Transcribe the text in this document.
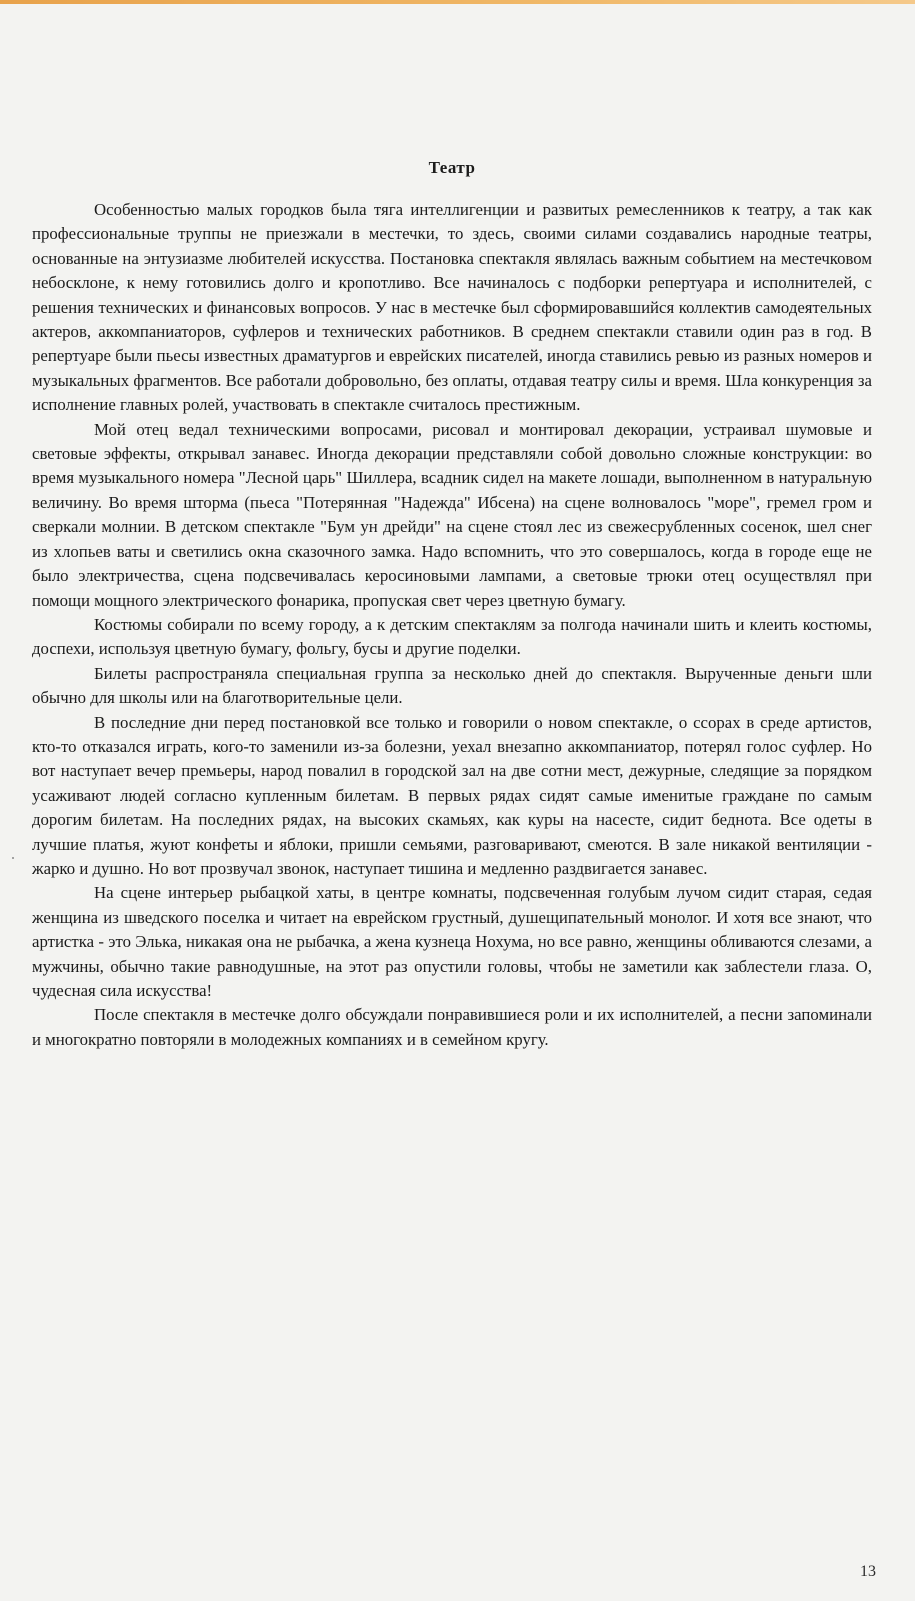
Театр

Особенностью малых городков была тяга интеллигенции и развитых ремесленников к театру, а так как профессиональные труппы не приезжали в местечки, то здесь, своими силами создавались народные театры, основанные на энтузиазме любителей искусства. Постановка спектакля являлась важным событием на местечковом небосклоне, к нему готовились долго и кропотливо. Все начиналось с подборки репертуара и исполнителей, с решения технических и финансовых вопросов. У нас в местечке был сформировавшийся коллектив самодеятельных актеров, аккомпаниаторов, суфлеров и технических работников. В среднем спектакли ставили один раз в год. В репертуаре были пьесы известных драматургов и еврейских писателей, иногда ставились ревью из разных номеров и музыкальных фрагментов. Все работали добровольно, без оплаты, отдавая театру силы и время. Шла конкуренция за исполнение главных ролей, участвовать в спектакле считалось престижным.

Мой отец ведал техническими вопросами, рисовал и монтировал декорации, устраивал шумовые и световые эффекты, открывал занавес. Иногда декорации представляли собой довольно сложные конструкции: во время музыкального номера "Лесной царь" Шиллера, всадник сидел на макете лошади, выполненном в натуральную величину. Во время шторма (пьеса "Потерянная "Надежда" Ибсена) на сцене волновалось "море", гремел гром и сверкали молнии. В детском спектакле "Бум ун дрейди" на сцене стоял лес из свежесрубленных сосенок, шел снег из хлопьев ваты и светились окна сказочного замка. Надо вспомнить, что это совершалось, когда в городе еще не было электричества, сцена подсвечивалась керосиновыми лампами, а световые трюки отец осуществлял при помощи мощного электрического фонарика, пропуская свет через цветную бумагу.

Костюмы собирали по всему городу, а к детским спектаклям за полгода начинали шить и клеить костюмы, доспехи, используя цветную бумагу, фольгу, бусы и другие поделки.

Билеты распространяла специальная группа за несколько дней до спектакля. Вырученные деньги шли обычно для школы или на благотворительные цели.

В последние дни перед постановкой все только и говорили о новом спектакле, о ссорах в среде артистов, кто-то отказался играть, кого-то заменили из-за болезни, уехал внезапно аккомпаниатор, потерял голос суфлер. Но вот наступает вечер премьеры, народ повалил в городской зал на две сотни мест, дежурные, следящие за порядком усаживают людей согласно купленным билетам. В первых рядах сидят самые именитые граждане по самым дорогим билетам. На последних рядах, на высоких скамьях, как куры на насесте, сидит беднота. Все одеты в лучшие платья, жуют конфеты и яблоки, пришли семьями, разговаривают, смеются. В зале никакой вентиляции - жарко и душно. Но вот прозвучал звонок, наступает тишина и медленно раздвигается занавес.

На сцене интерьер рыбацкой хаты, в центре комнаты, подсвеченная голубым лучом сидит старая, седая женщина из шведского поселка и читает на еврейском грустный, душещипательный монолог. И хотя все знают, что артистка - это Элька, никакая она не рыбачка, а жена кузнеца Нохума, но все равно, женщины обливаются слезами, а мужчины, обычно такие равнодушные, на этот раз опустили головы, чтобы не заметили как заблестели глаза. О, чудесная сила искусства!

После спектакля в местечке долго обсуждали понравившиеся роли и их исполнителей, а песни запоминали и многократно повторяли в молодежных компаниях и в семейном кругу.

13
